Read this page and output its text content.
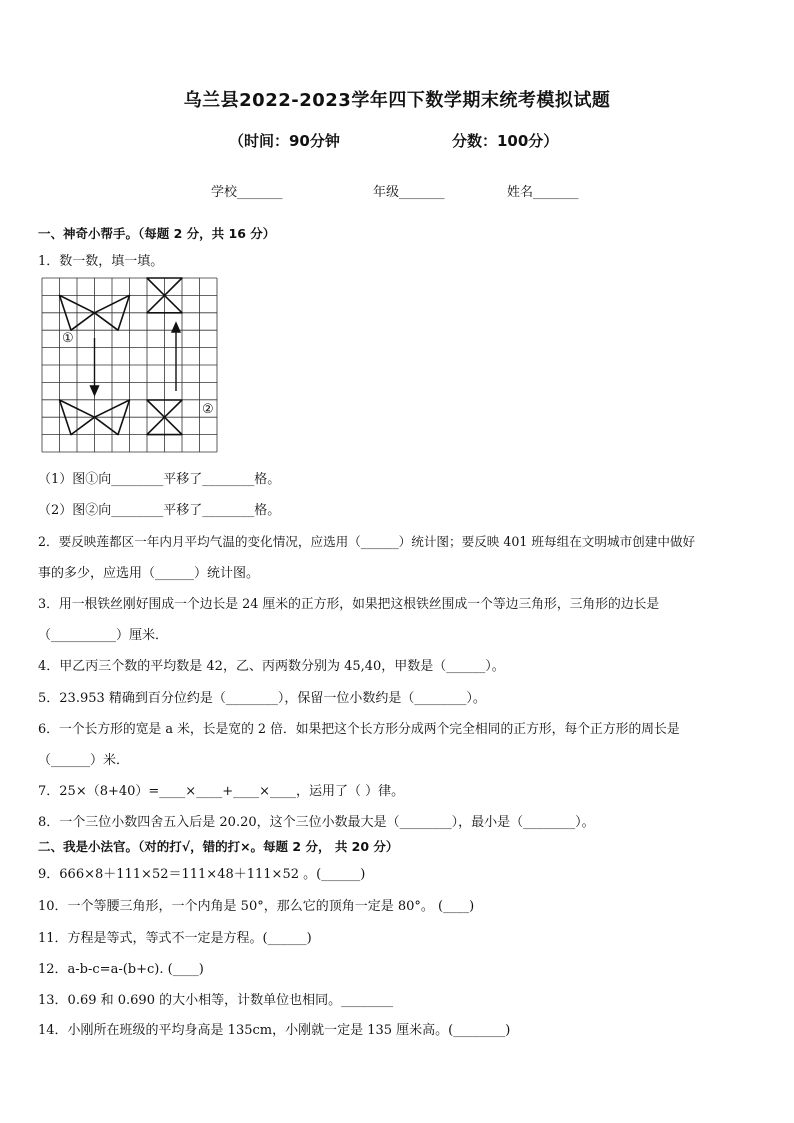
乌兰县2022-2023学年四下数学期末统考模拟试题
（时间：90分钟	分数：100分）
学校_______	年级_______	姓名_______
一、神奇小帮手。（每题 2 分，共 16 分）
1．数一数，填一填。
①
②
（1）图①向________平移了________格。
（2）图②向________平移了________格。
2．要反映莲都区一年内月平均气温的变化情况，应选用（______）统计图；要反映 401 班每组在文明城市创建中做好
事的多少，应选用（______）统计图。
3．用一根铁丝刚好围成一个边长是 24 厘米的正方形，如果把这根铁丝围成一个等边三角形，三角形的边长是
（__________）厘米．
4．甲乙丙三个数的平均数是 42，乙、丙两数分别为 45,40，甲数是（______）。
5．23.953 精确到百分位约是（________），保留一位小数约是（________）。
6．一个长方形的宽是 a 米，长是宽的 2 倍．如果把这个长方形分成两个完全相同的正方形，每个正方形的周长是
（______）米．
7．25×（8+40）=____×____+____×____，运用了（ ）律。
8．一个三位小数四舍五入后是 20.20，这个三位小数最大是（________），最小是（________）。
二、我是小法官。（对的打√，错的打×。每题 2 分， 共 20 分）
9．666×8＋111×52＝111×48＋111×52 。(______)
10．一个等腰三角形，一个内角是 50°，那么它的顶角一定是 80°。 (____)
11．方程是等式，等式不一定是方程。(______)
12．a-b-c=a-(b+c). (____)
13．0.69 和 0.690 的大小相等，计数单位也相同。________
14．小刚所在班级的平均身高是 135cm，小刚就一定是 135 厘米高。(________)
